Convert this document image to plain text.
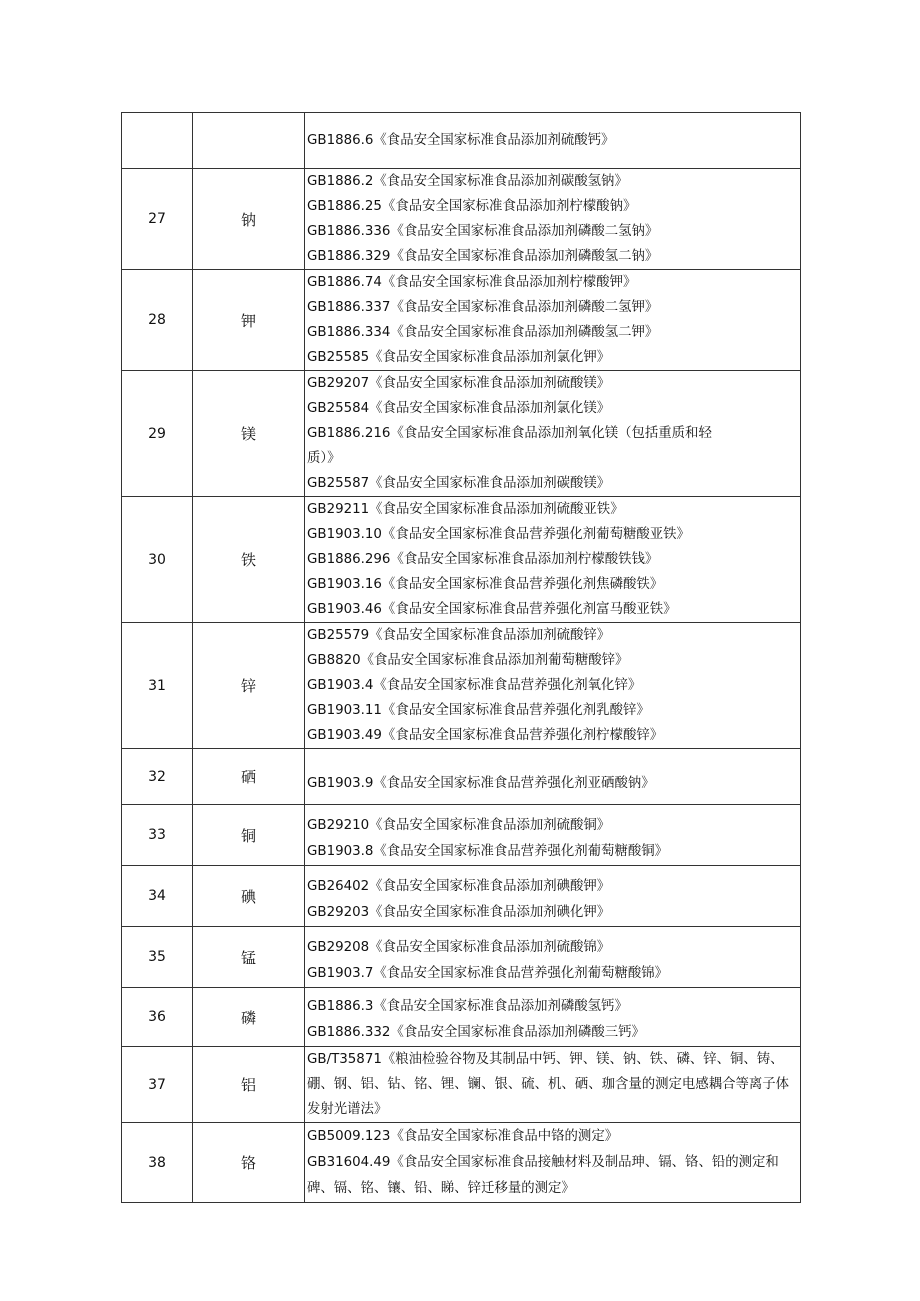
		GB1886.6《食品安全国家标准食品添加剂硫酸钙》

27	钠	GB1886.2《食品安全国家标准食品添加剂碳酸氢钠》
GB1886.25《食品安全国家标准食品添加剂柠檬酸钠》
GB1886.336《食品安全国家标准食品添加剂磷酸二氢钠》
GB1886.329《食品安全国家标准食品添加剂磷酸氢二钠》

28	钾	GB1886.74《食品安全国家标准食品添加剂柠檬酸钾》
GB1886.337《食品安全国家标准食品添加剂磷酸二氢钾》
GB1886.334《食品安全国家标准食品添加剂磷酸氢二钾》
GB25585《食品安全国家标准食品添加剂氯化钾》

29	镁	GB29207《食品安全国家标准食品添加剂硫酸镁》
GB25584《食品安全国家标准食品添加剂氯化镁》
GB1886.216《食品安全国家标准食品添加剂氧化镁（包括重质和轻
质）》
GB25587《食品安全国家标准食品添加剂碳酸镁》

30	铁	GB29211《食品安全国家标准食品添加剂硫酸亚铁》
GB1903.10《食品安全国家标准食品营养强化剂葡萄糖酸亚铁》
GB1886.296《食品安全国家标准食品添加剂柠檬酸铁钱》
GB1903.16《食品安全国家标准食品营养强化剂焦磷酸铁》
GB1903.46《食品安全国家标准食品营养强化剂富马酸亚铁》

31	锌	GB25579《食品安全国家标准食品添加剂硫酸锌》
GB8820《食品安全国家标准食品添加剂葡萄糖酸锌》
GB1903.4《食品安全国家标准食品营养强化剂氧化锌》
GB1903.11《食品安全国家标准食品营养强化剂乳酸锌》
GB1903.49《食品安全国家标准食品营养强化剂柠檬酸锌》

32	硒	GB1903.9《食品安全国家标准食品营养强化剂亚硒酸钠》

33	铜	GB29210《食品安全国家标准食品添加剂硫酸铜》
GB1903.8《食品安全国家标准食品营养强化剂葡萄糖酸铜》

34	碘	GB26402《食品安全国家标准食品添加剂碘酸钾》
GB29203《食品安全国家标准食品添加剂碘化钾》

35	锰	GB29208《食品安全国家标准食品添加剂硫酸锦》
GB1903.7《食品安全国家标准食品营养强化剂葡萄糖酸锦》

36	磷	GB1886.3《食品安全国家标准食品添加剂磷酸氢钙》
GB1886.332《食品安全国家标准食品添加剂磷酸三钙》

37	铝	GB/T35871《粮油检验谷物及其制品中钙、钾、镁、钠、铁、磷、锌、铜、铸、硼、钢、铝、钻、铭、锂、镧、银、硫、机、硒、珈含量的测定电感耦合等离子体发射光谱法》

38	铬	GB5009.123《食品安全国家标准食品中铬的测定》
GB31604.49《食品安全国家标准食品接触材料及制品珅、镉、铬、铅的测定和碑、镉、铭、镶、铅、睇、锌迁移量的测定》
